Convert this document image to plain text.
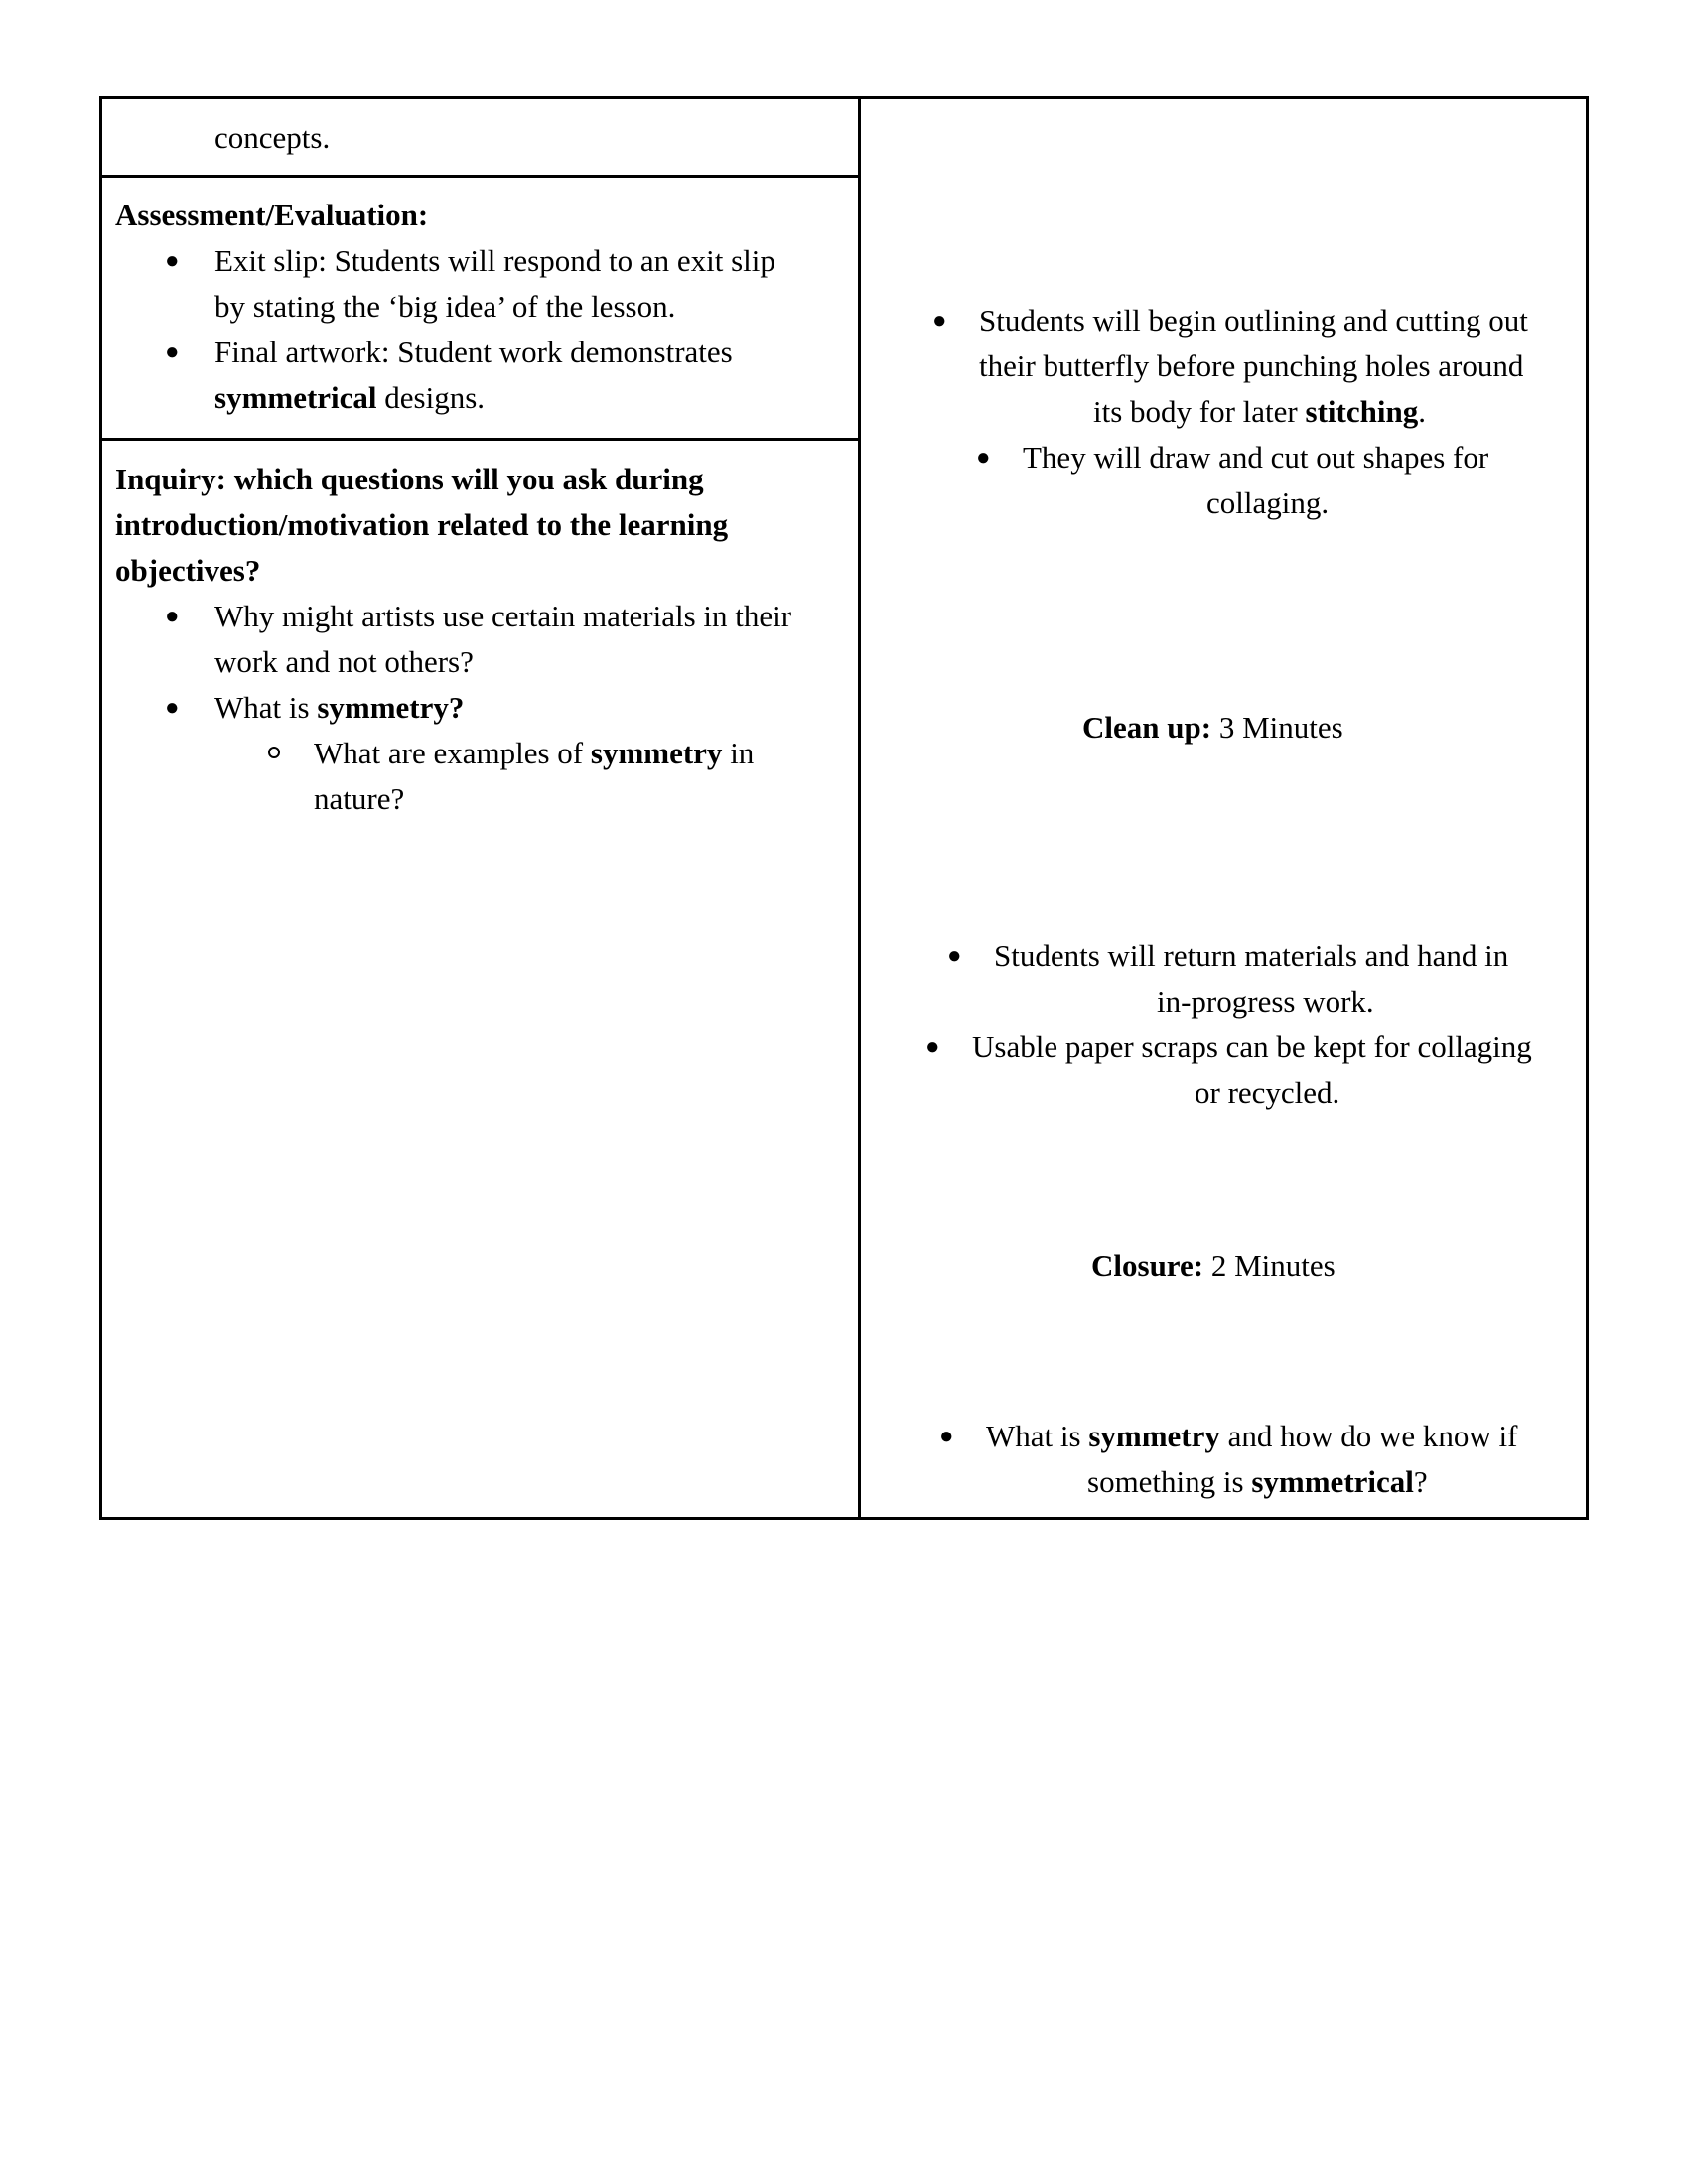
concepts.
Assessment/Evaluation:
● Exit slip: Students will respond to an exit slip
by stating the ‘big idea’ of the lesson.
● Final artwork: Student work demonstrates
symmetrical designs.
Inquiry: which questions will you ask during
introduction/motivation related to the learning
objectives?
● Why might artists use certain materials in their
work and not others?
● What is symmetry?
What are examples of symmetry in
nature?
● Students will begin outlining and cutting out
their butterfly before punching holes around
its body for later stitching.
● They will draw and cut out shapes for
collaging.
Clean up: 3 Minutes
● Students will return materials and hand in
in-progress work.
● Usable paper scraps can be kept for collaging
or recycled.
Closure: 2 Minutes
● What is symmetry and how do we know if
something is symmetrical?
